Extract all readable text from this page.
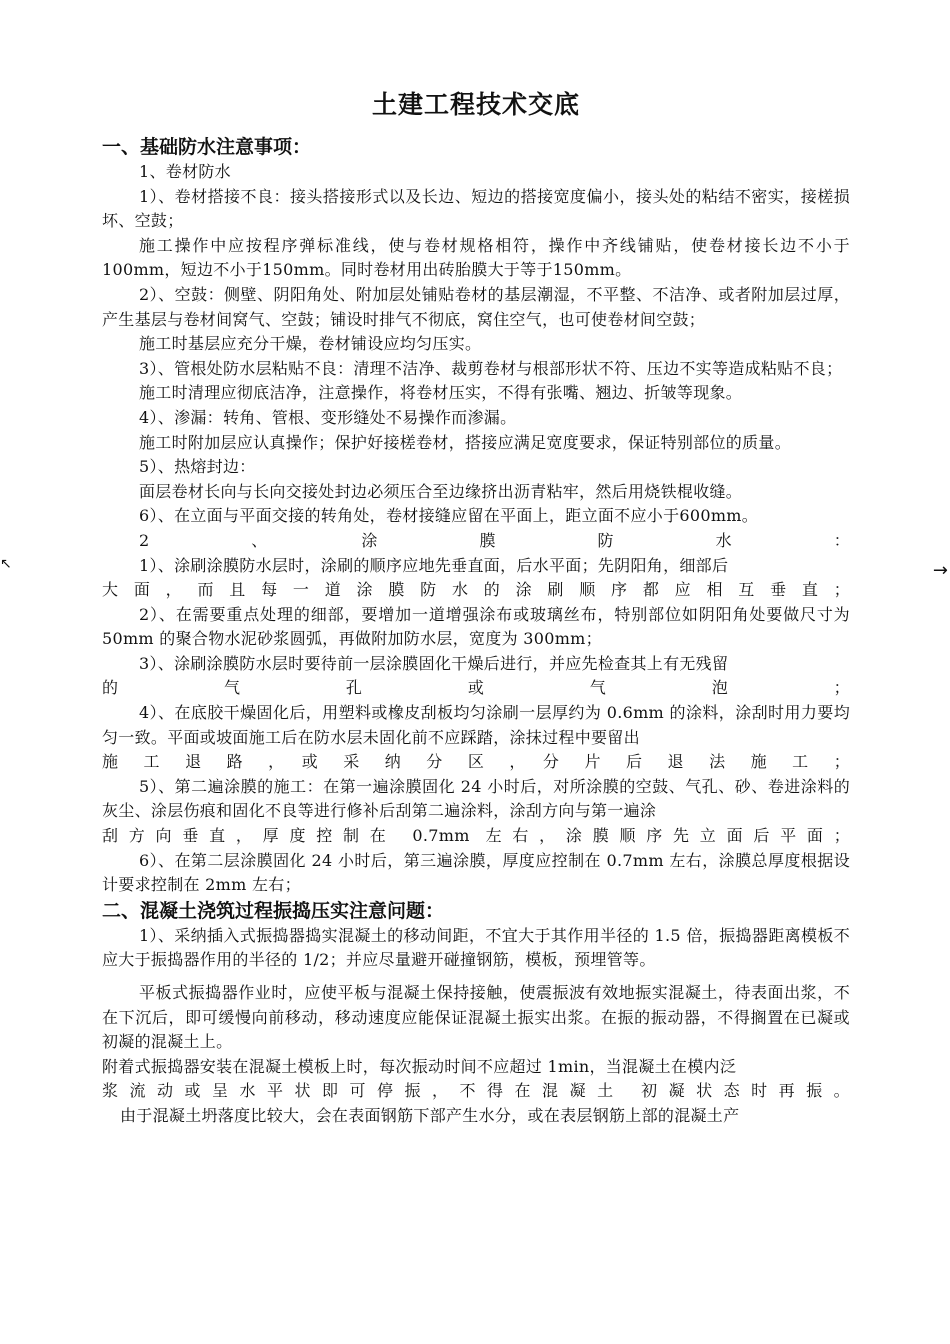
土建工程技术交底
一、基础防水注意事项：

1、卷材防水

1）、卷材搭接不良：接头搭接形式以及长边、短边的搭接宽度偏小，接头处的粘结不密实，接槎损坏、空鼓；

施工操作中应按程序弹标准线，使与卷材规格相符，操作中齐线铺贴，使卷材接长边不小于100mm，短边不小于150mm。同时卷材用出砖胎膜大于等于150mm。

2）、空鼓：侧壁、阴阳角处、附加层处铺贴卷材的基层潮湿，不平整、不洁净、或者附加层过厚，产生基层与卷材间窝气、空鼓；铺设时排气不彻底，窝住空气，也可使卷材间空鼓；

施工时基层应充分干燥，卷材铺设应均匀压实。

3）、管根处防水层粘贴不良：清理不洁净、裁剪卷材与根部形状不符、压边不实等造成粘贴不良；

施工时清理应彻底洁净，注意操作，将卷材压实，不得有张嘴、翘边、折皱等现象。

4）、渗漏：转角、管根、变形缝处不易操作而渗漏。

施工时附加层应认真操作；保护好接槎卷材，搭接应满足宽度要求，保证特别部位的质量。

5）、热熔封边：

面层卷材长向与长向交接处封边必须压合至边缘挤出沥青粘牢，然后用烧铁棍收缝。

6）、在立面与平面交接的转角处，卷材接缝应留在平面上，距立面不应小于600mm。

2　　　　、　　　　涂　　　　膜　　　　防　　　　水　　　　：

1）、涂刷涂膜防水层时，涂刷的顺序应地先垂直面，后水平面；先阴阳角，细部后

大面，而且每一道涂膜防水的涂刷顺序都应相互垂直；

2）、在需要重点处理的细部，要增加一道增强涂布或玻璃丝布，特别部位如阴阳角处要做尺寸为 50mm 的聚合物水泥砂浆圆弧，再做附加防水层，宽度为 300mm；

3）、涂刷涂膜防水层时要待前一层涂膜固化干燥后进行，并应先检查其上有无残留

的　　　气　　　孔　　　或　　　气　　　泡　　　；

4）、在底胶干燥固化后，用塑料或橡皮刮板均匀涂刷一层厚约为 0.6mm 的涂料，涂刮时用力要均匀一致。平面或坡面施工后在防水层未固化前不应踩踏，涂抹过程中要留出

施　工　退　路　，　或　采　纳　分　区　，　分　片　后　退　法　施　工　；

5）、第二遍涂膜的施工：在第一遍涂膜固化 24 小时后，对所涂膜的空鼓、气孔、砂、卷进涂料的灰尘、涂层伤痕和固化不良等进行修补后刮第二遍涂料，涂刮方向与第一遍涂

刮方向垂直，厚度控制在 0.7mm 左右，涂膜顺序先立面后平面；

6）、在第二层涂膜固化 24 小时后，第三遍涂膜，厚度应控制在 0.7mm 左右，涂膜总厚度根据设计要求控制在 2mm 左右；

二、混凝土浇筑过程振捣压实注意问题：

1）、采纳插入式振捣器捣实混凝土的移动间距，不宜大于其作用半径的 1.5 倍，振捣器距离模板不应大于振捣器作用的半径的 1/2；并应尽量避开碰撞钢筋，模板，预埋管等。

平板式振捣器作业时，应使平板与混凝土保持接触，使震振波有效地振实混凝土，待表面出浆，不在下沉后，即可缓慢向前移动，移动速度应能保证混凝土振实出浆。在振的振动器，不得搁置在已凝或初凝的混凝土上。

附着式振捣器安装在混凝土模板上时，每次振动时间不应超过 1min，当混凝土在模内泛

浆流动或呈水平状即可停振，不得在混凝土 初凝状态时再振。

由于混凝土坍落度比较大，会在表面钢筋下部产生水分，或在表层钢筋上部的混凝土产

↖	→
